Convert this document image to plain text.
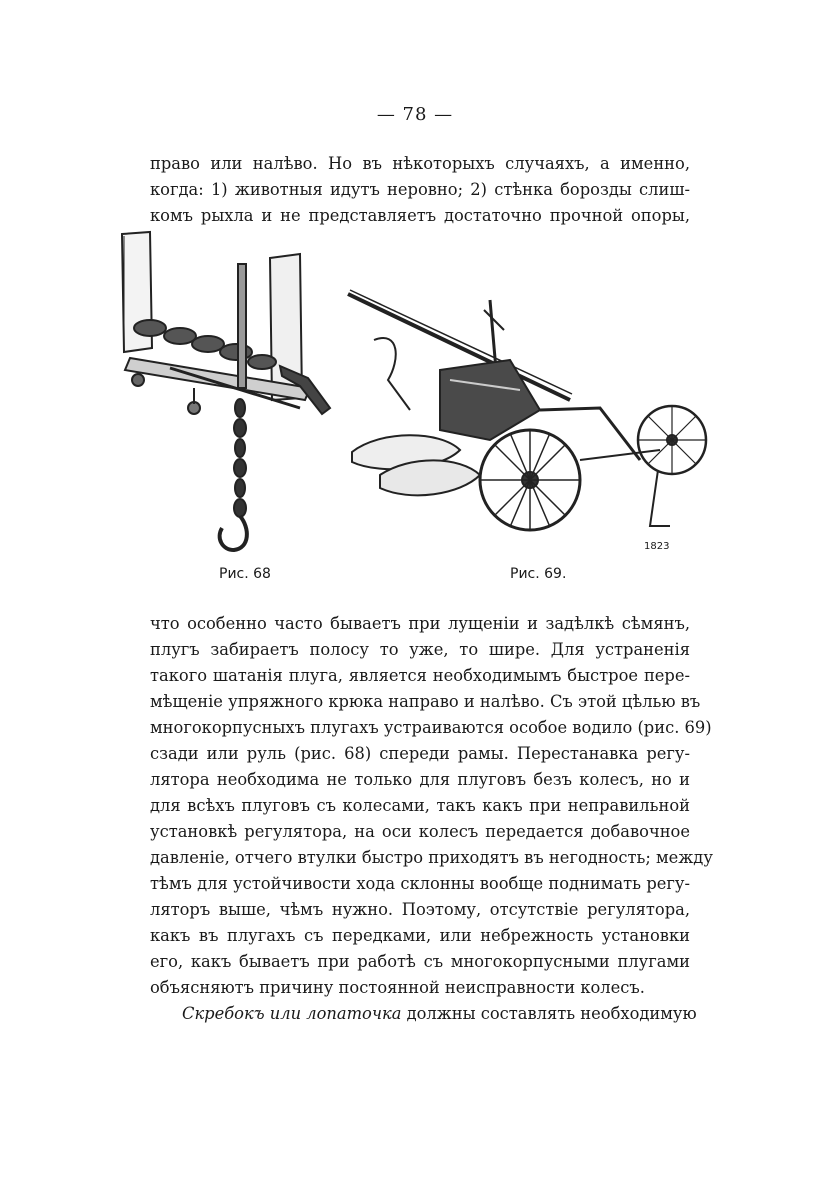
— 78 —
право или налѣво. Но въ нѣкоторыхъ случаяхъ, а именно,
когда: 1) животныя идутъ неровно; 2) стѣнка борозды слиш-
комъ рыхла и не представляетъ достаточно прочной опоры,
Рис. 68
1823
Рис. 69.
что особенно часто бываетъ при лущеніи и задѣлкѣ сѣмянъ,
плугъ забираетъ полосу то уже, то шире. Для устраненія
такого шатанія плуга, является необходимымъ быстрое пере-
мѣщеніе упряжного крюка направо и налѣво. Съ этой цѣлью въ
многокорпусныхъ плугахъ устраиваются особое водило (рис. 69)
сзади или руль (рис. 68) спереди рамы. Перестанавка регу-
лятора необходима не только для плуговъ безъ колесъ, но и
для всѣхъ плуговъ съ колесами, такъ какъ при неправильной
установкѣ регулятора, на оси колесъ передается добавочное
давленіе, отчего втулки быстро приходятъ въ негодность; между
тѣмъ для устойчивости хода склонны вообще поднимать регу-
ляторъ выше, чѣмъ нужно. Поэтому, отсутствіе регулятора,
какъ въ плугахъ съ передками, или небрежность установки
его, какъ бываетъ при работѣ съ многокорпусными плугами
объясняютъ причину постоянной неисправности колесъ.
Скребокъ или лопаточка должны составлять необходимую
